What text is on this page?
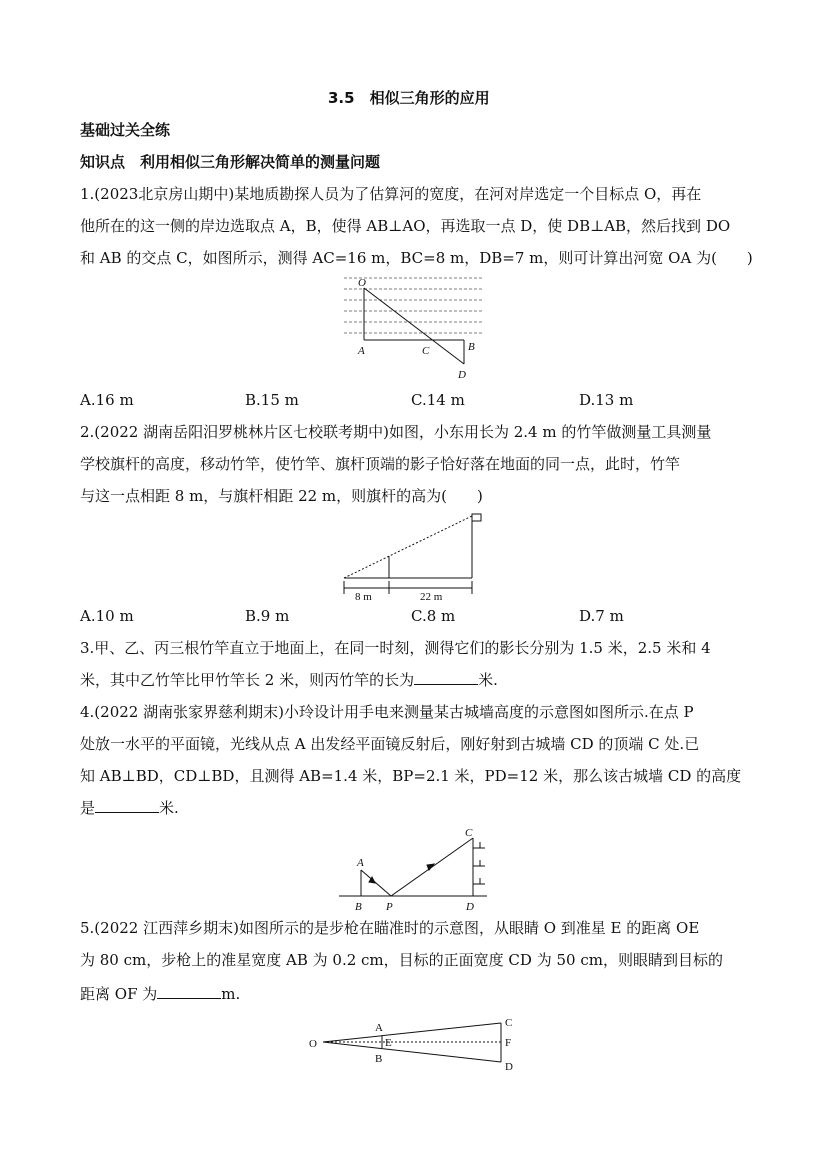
3.5　相似三角形的应用
基础过关全练
知识点　利用相似三角形解决简单的测量问题
1.(2023北京房山期中)某地质勘探人员为了估算河的宽度，在河对岸选定一个目标点 O，再在
他所在的这一侧的岸边选取点 A，B，使得 AB⊥AO，再选取一点 D，使 DB⊥AB，然后找到 DO
和 AB 的交点 C，如图所示，测得 AC=16 m，BC=8 m，DB=7 m，则可计算出河宽 OA 为(　　)
O
A	C	B
D
A.16 m	B.15 m	C.14 m	D.13 m
2.(2022 湖南岳阳汨罗桃林片区七校联考期中)如图，小东用长为 2.4 m 的竹竿做测量工具测量
学校旗杆的高度，移动竹竿，使竹竿、旗杆顶端的影子恰好落在地面的同一点，此时，竹竿
与这一点相距 8 m，与旗杆相距 22 m，则旗杆的高为(　　)
8 m	22 m
A.10 m	B.9 m	C.8 m	D.7 m
3.甲、乙、丙三根竹竿直立于地面上，在同一时刻，测得它们的影长分别为 1.5 米，2.5 米和 4
米，其中乙竹竿比甲竹竿长 2 米，则丙竹竿的长为	米.
4.(2022 湖南张家界慈利期末)小玲设计用手电来测量某古城墙高度的示意图如图所示.在点 P
处放一水平的平面镜，光线从点 A 出发经平面镜反射后，刚好射到古城墙 CD 的顶端 C 处.已
知 AB⊥BD，CD⊥BD，且测得 AB=1.4 米，BP=2.1 米，PD=12 米，那么该古城墙 CD 的高度
是	米.
A
B P
C
D
5.(2022 江西萍乡期末)如图所示的是步枪在瞄准时的示意图，从眼睛 O 到准星 E 的距离 OE
为 80 cm，步枪上的准星宽度 AB 为 0.2 cm，目标的正面宽度 CD 为 50 cm，则眼睛到目标的
距离 OF 为	m.
O
A
E
B
C
F
D
